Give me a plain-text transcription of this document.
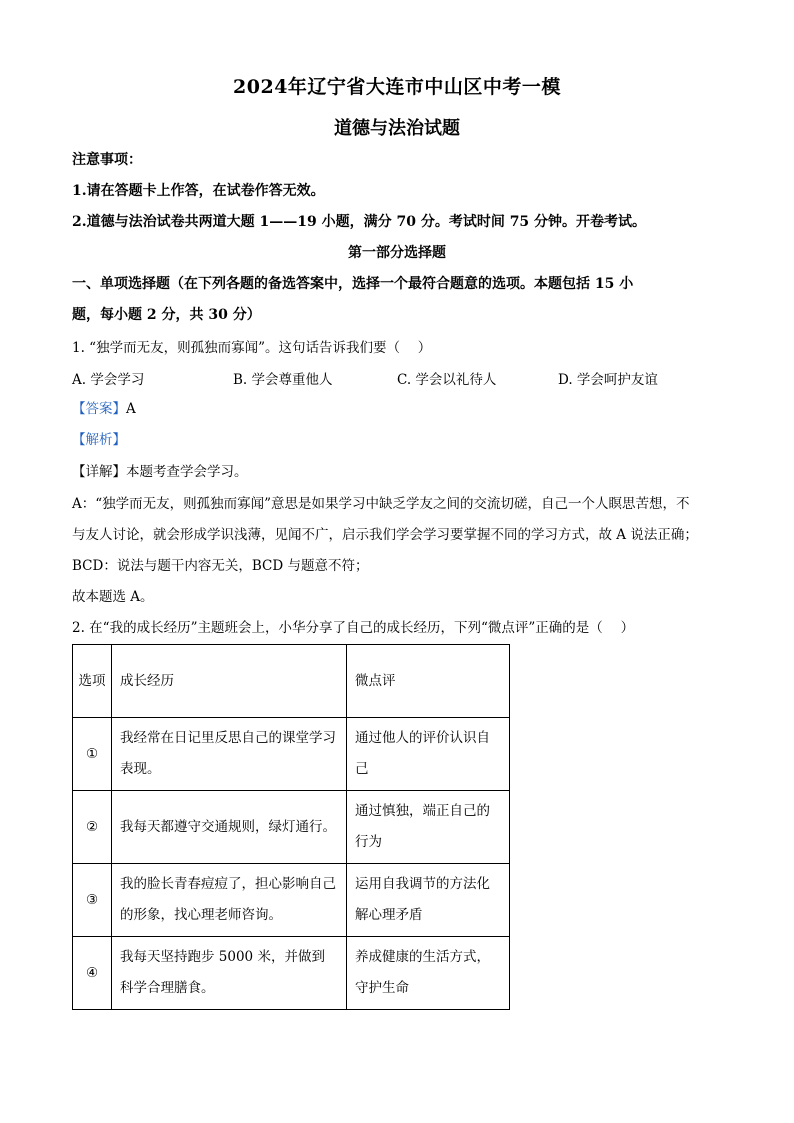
2024年辽宁省大连市中山区中考一模
道德与法治试题
注意事项：
1.请在答题卡上作答，在试卷作答无效。
2.道德与法治试卷共两道大题 1——19 小题，满分 70 分。考试时间 75 分钟。开卷考试。
第一部分选择题
一、单项选择题（在下列各题的备选答案中，选择一个最符合题意的选项。本题包括 15 小
题，每小题 2 分，共 30 分）
1. “独学而无友，则孤独而寡闻”。这句话告诉我们要（　 ）
A. 学会学习	B. 学会尊重他人	C. 学会以礼待人	D. 学会呵护友谊
【答案】A
【解析】
【详解】本题考查学会学习。
A：“独学而无友，则孤独而寡闻”意思是如果学习中缺乏学友之间的交流切磋，自己一个人瞑思苦想，不
与友人讨论，就会形成学识浅薄，见闻不广，启示我们学会学习要掌握不同的学习方式，故 A 说法正确；
BCD：说法与题干内容无关，BCD 与题意不符；
故本题选 A。
2. 在“我的成长经历”主题班会上，小华分享了自己的成长经历，下列“微点评”正确的是（　 ）
选项	成长经历	微点评
①	我经常在日记里反思自己的课堂学习表现。	通过他人的评价认识自己
②	我每天都遵守交通规则，绿灯通行。	通过慎独，端正自己的行为
③	我的脸长青春痘痘了，担心影响自己的形象，找心理老师咨询。	运用自我调节的方法化解心理矛盾
④	我每天坚持跑步 5000 米，并做到科学合理膳食。	养成健康的生活方式，守护生命
